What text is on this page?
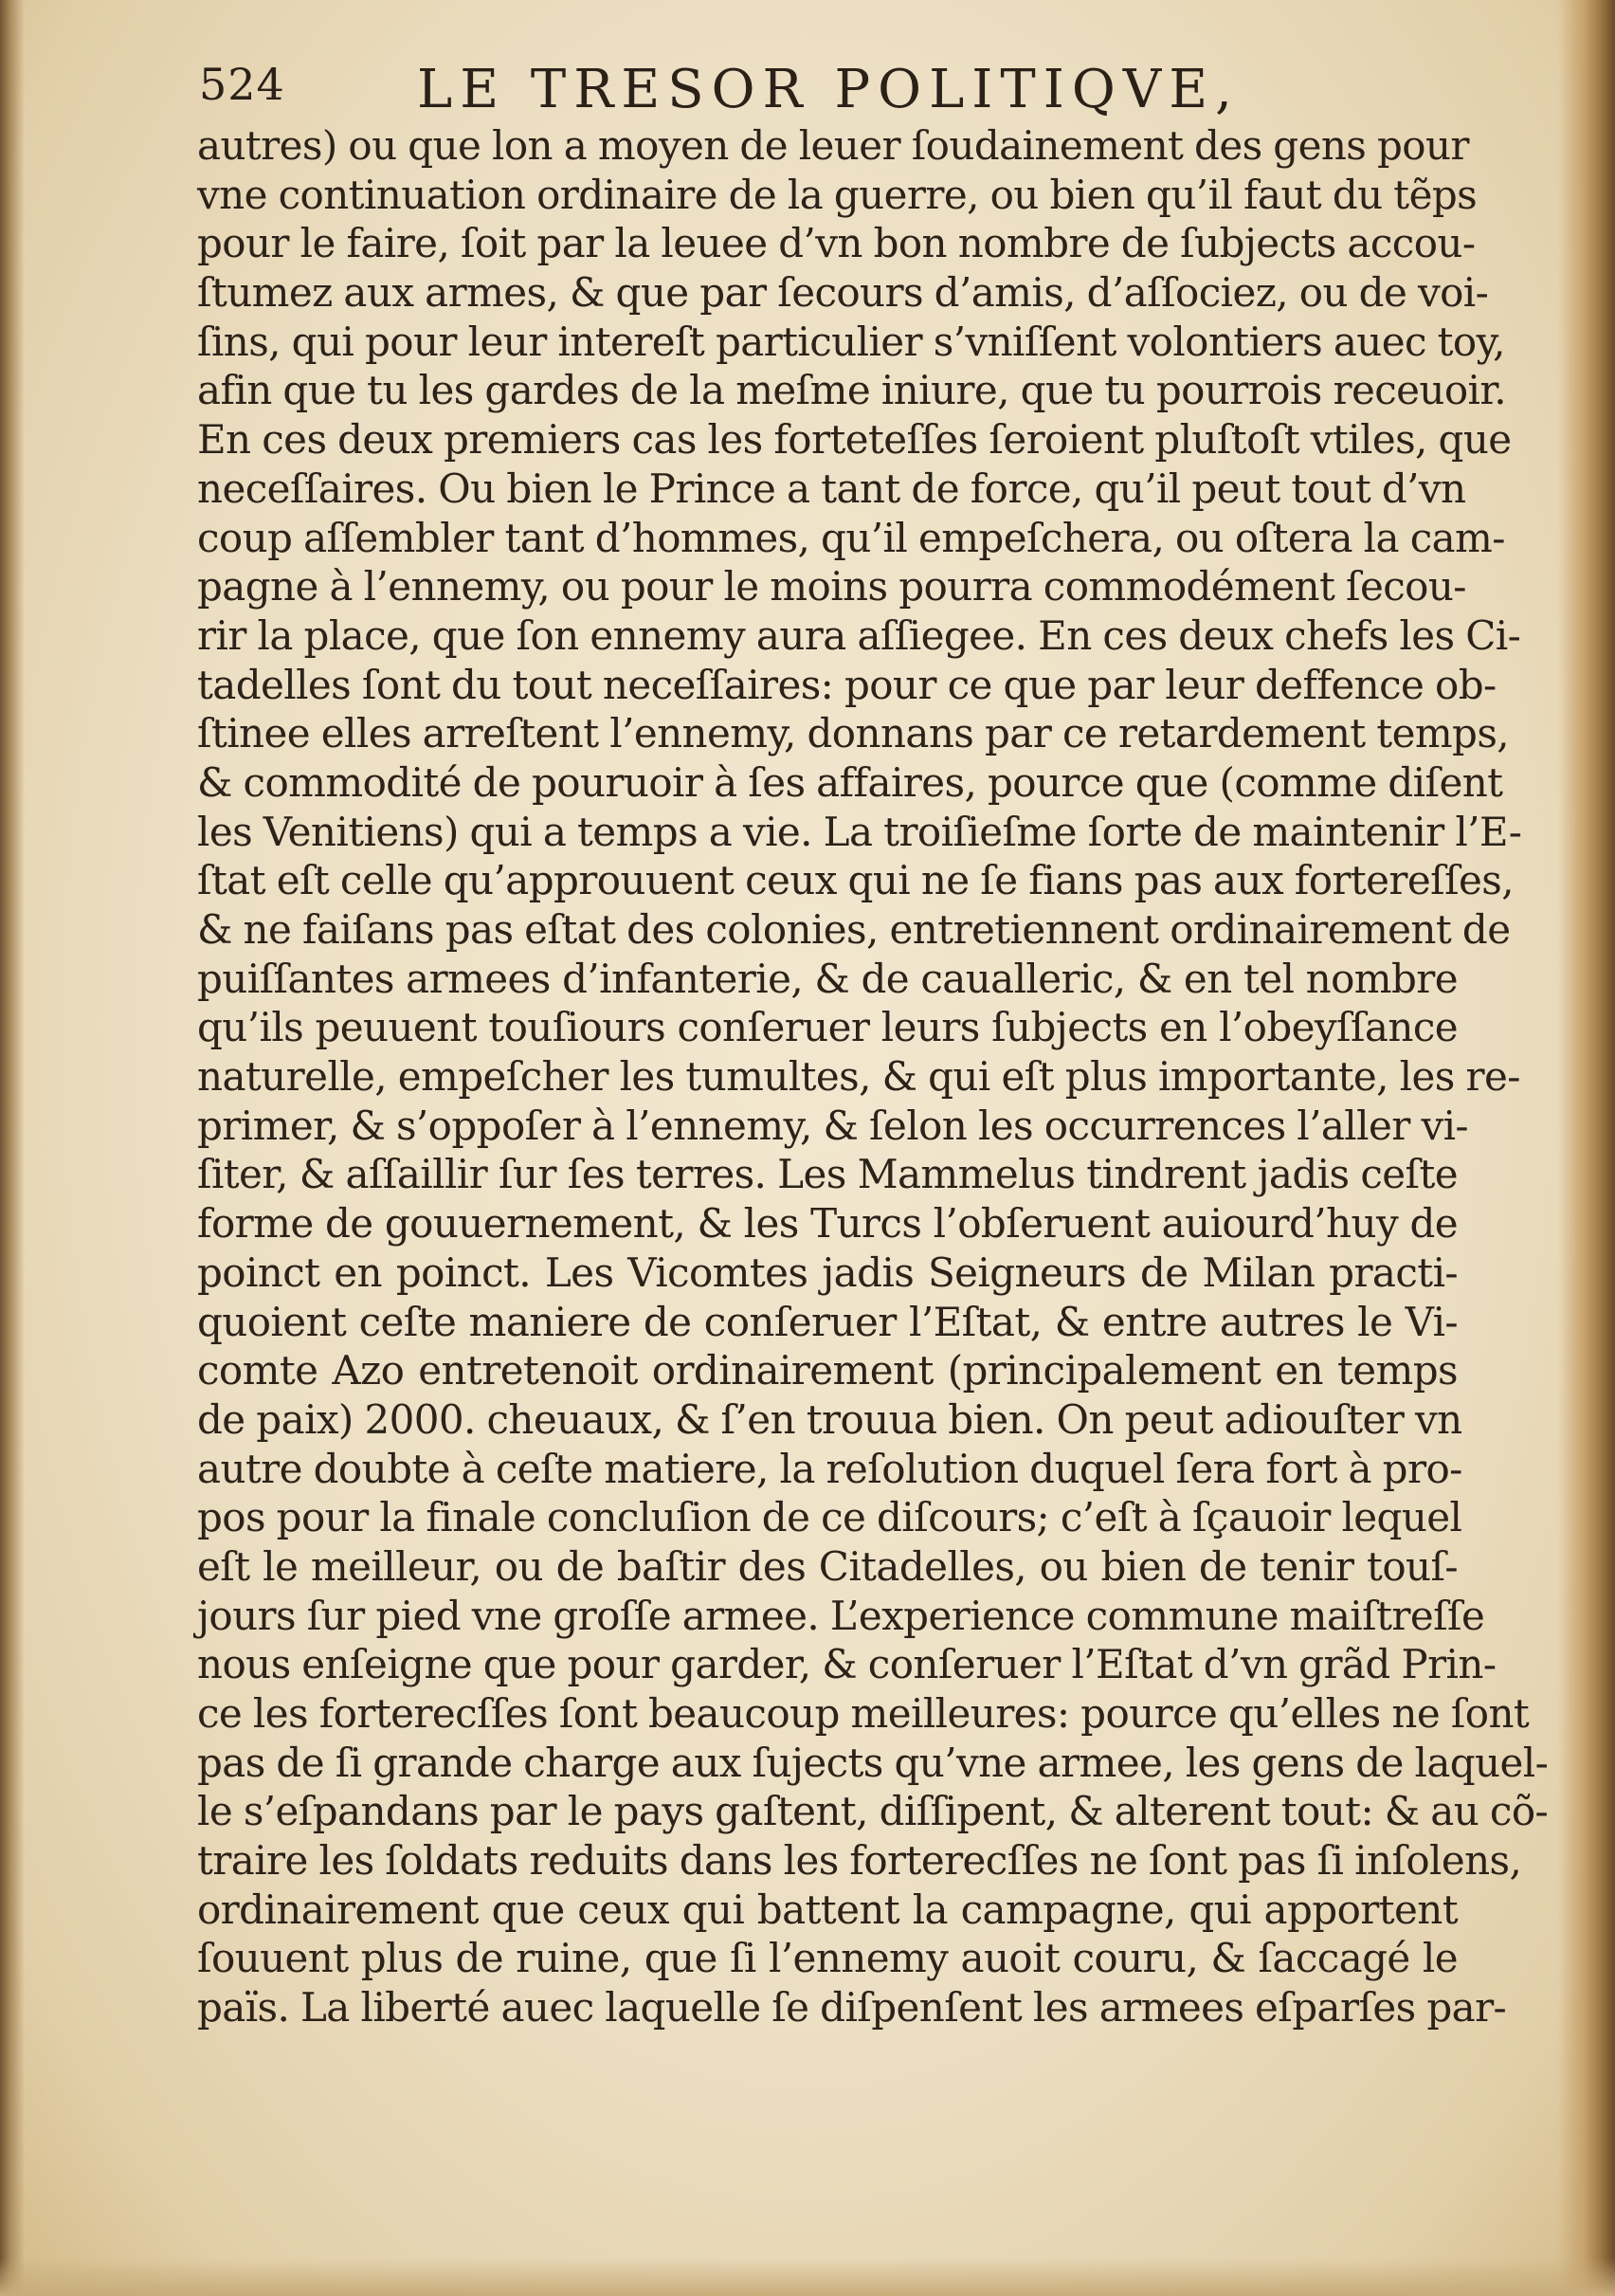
524 LE TRESOR POLITIQVE,
autres) ou que lon a moyen de leuer ſoudainement des gens pour
vne continuation ordinaire de la guerre, ou bien qu’il faut du tẽps
pour le faire, ſoit par la leuee d’vn bon nombre de ſubjects accou-
ſtumez aux armes, & que par ſecours d’amis, d’aſſociez, ou de voi-
ſins, qui pour leur intereſt particulier s’vniſſent volontiers auec toy,
afin que tu les gardes de la meſme iniure, que tu pourrois receuoir.
En ces deux premiers cas les forteteſſes ſeroient pluſtoſt vtiles, que
neceſſaires. Ou bien le Prince a tant de force, qu’il peut tout d’vn
coup aſſembler tant d’hommes, qu’il empeſchera, ou oſtera la cam-
pagne à l’ennemy, ou pour le moins pourra commodément ſecou-
rir la place, que ſon ennemy aura aſſiegee. En ces deux chefs les Ci-
tadelles ſont du tout neceſſaires: pour ce que par leur deffence ob-
ſtinee elles arreſtent l’ennemy, donnans par ce retardement temps,
& commodité de pouruoir à ſes affaires, pource que (comme diſent
les Venitiens) qui a temps a vie. La troiſieſme ſorte de maintenir l’E-
ſtat eſt celle qu’approuuent ceux qui ne ſe fians pas aux fortereſſes,
& ne faiſans pas eſtat des colonies, entretiennent ordinairement de
puiſſantes armees d’infanterie, & de caualleric, & en tel nombre
qu’ils peuuent touſiours conſeruer leurs ſubjects en l’obeyſſance
naturelle, empeſcher les tumultes, & qui eſt plus importante, les re-
primer, & s’oppoſer à l’ennemy, & ſelon les occurrences l’aller vi-
ſiter, & aſſaillir ſur ſes terres. Les Mammelus tindrent jadis ceſte
forme de gouuernement, & les Turcs l’obſeruent auiourd’huy de
poinct en poinct. Les Vicomtes jadis Seigneurs de Milan practi-
quoient ceſte maniere de conſeruer l’Eſtat, & entre autres le Vi-
comte Azo entretenoit ordinairement (principalement en temps
de paix) 2000. cheuaux, & ſ’en trouua bien. On peut adiouſter vn
autre doubte à ceſte matiere, la reſolution duquel ſera fort à pro-
pos pour la finale concluſion de ce diſcours; c’eſt à ſçauoir lequel
eſt le meilleur, ou de baſtir des Citadelles, ou bien de tenir touſ-
jours ſur pied vne groſſe armee. L’experience commune maiſtreſſe
nous enſeigne que pour garder, & conſeruer l’Eſtat d’vn grãd Prin-
ce les forterecſſes ſont beaucoup meilleures: pource qu’elles ne ſont
pas de ſi grande charge aux ſujects qu’vne armee, les gens de laquel-
le s’eſpandans par le pays gaſtent, diſſipent, & alterent tout: & au cõ-
traire les ſoldats reduits dans les forterecſſes ne ſont pas ſi inſolens,
ordinairement que ceux qui battent la campagne, qui apportent
ſouuent plus de ruine, que ſi l’ennemy auoit couru, & ſaccagé le
païs. La liberté auec laquelle ſe diſpenſent les armees eſparſes par-
